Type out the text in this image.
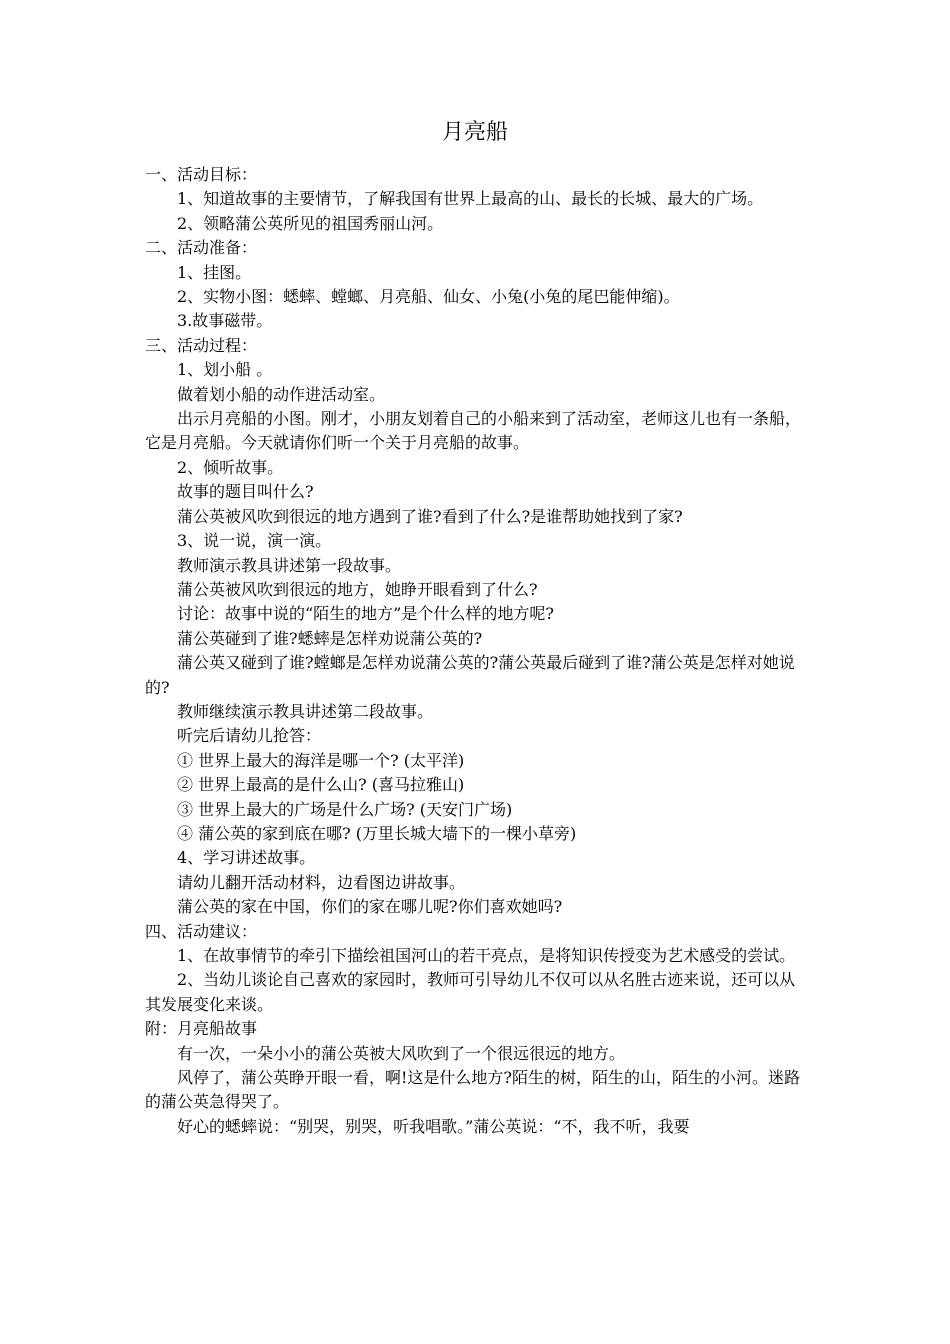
月亮船

一、活动目标：

1、知道故事的主要情节，了解我国有世界上最高的山、最长的长城、最大的广场。

2、领略蒲公英所见的祖国秀丽山河。

二、活动准备：

1、挂图。

2、实物小图：蟋蟀、螳螂、月亮船、仙女、小兔(小兔的尾巴能伸缩)。

3.故事磁带。

三、活动过程：

1、划小船 。

做着划小船的动作进活动室。

出示月亮船的小图。刚才，小朋友划着自己的小船来到了活动室，老师这儿也有一条船，它是月亮船。今天就请你们听一个关于月亮船的故事。

2、倾听故事。

故事的题目叫什么?

蒲公英被风吹到很远的地方遇到了谁?看到了什么?是谁帮助她找到了家?

3、说一说，演一演。

教师演示教具讲述第一段故事。

蒲公英被风吹到很远的地方，她睁开眼看到了什么?

讨论：故事中说的“陌生的地方”是个什么样的地方呢?

蒲公英碰到了谁?蟋蟀是怎样劝说蒲公英的?

蒲公英又碰到了谁?螳螂是怎样劝说蒲公英的?蒲公英最后碰到了谁?蒲公英是怎样对她说的?

教师继续演示教具讲述第二段故事。

听完后请幼儿抢答：

① 世界上最大的海洋是哪一个? (太平洋)

② 世界上最高的是什么山? (喜马拉雅山)

③ 世界上最大的广场是什么广场? (天安门广场)

④ 蒲公英的家到底在哪? (万里长城大墙下的一棵小草旁)

4、学习讲述故事。

请幼儿翻开活动材料，边看图边讲故事。

蒲公英的家在中国，你们的家在哪儿呢?你们喜欢她吗?

四、活动建议：

1、在故事情节的牵引下描绘祖国河山的若干亮点，是将知识传授变为艺术感受的尝试。

2、当幼儿谈论自己喜欢的家园时，教师可引导幼儿不仅可以从名胜古迹来说，还可以从其发展变化来谈。

附：月亮船故事

有一次，一朵小小的蒲公英被大风吹到了一个很远很远的地方。

风停了，蒲公英睁开眼一看，啊!这是什么地方?陌生的树，陌生的山，陌生的小河。迷路的蒲公英急得哭了。

好心的蟋蟀说：“别哭，别哭，听我唱歌。”蒲公英说：“不，我不听，我要
